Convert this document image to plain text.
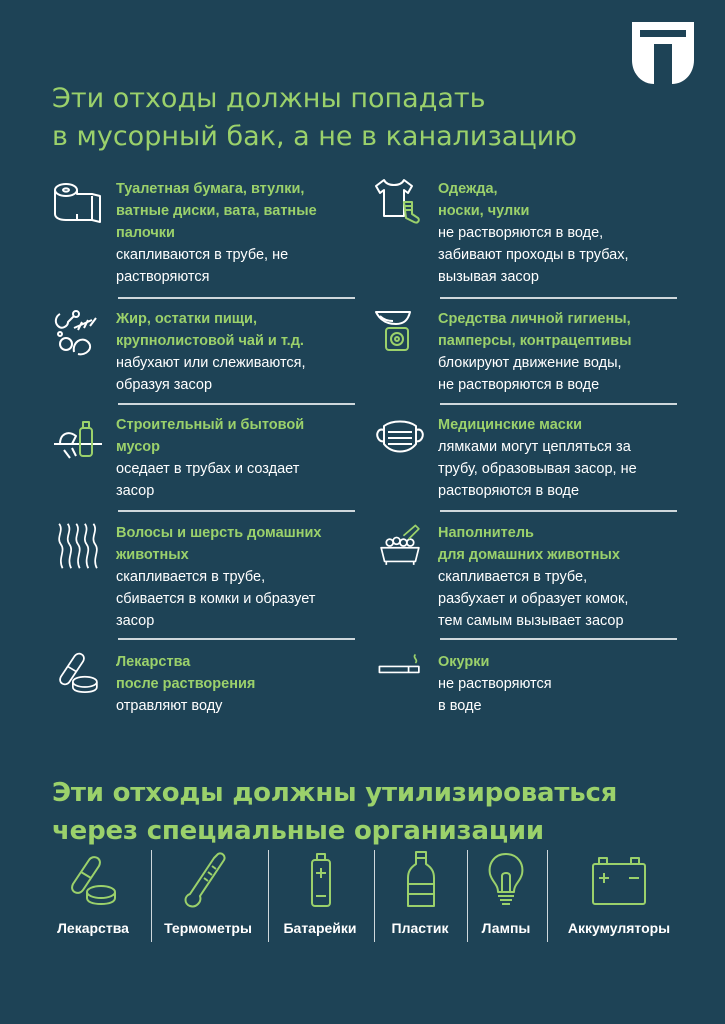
Эти отходы должны попадать
в мусорный бак, а не в канализацию
Туалетная бумага, втулки,
ватные диски, вата, ватные
палочки
скапливаются в трубе, не
растворяются
Одежда,
носки, чулки
не растворяются в воде,
забивают проходы в трубах,
вызывая засор
Жир, остатки пищи,
крупнолистовой чай и т.д.
набухают или слеживаются,
образуя засор
Средства личной гигиены,
памперсы, контрацептивы
блокируют движение воды,
не растворяются в воде
Строительный и бытовой
мусор
оседает в трубах и создает
засор
Медицинские маски
лямками могут цепляться за
трубу, образовывая засор, не
растворяются в воде
Волосы и шерсть домашних
животных
скапливается в трубе,
сбивается в комки и образует
засор
Наполнитель
для домашних животных
скапливается в трубе,
разбухает и образует комок,
тем самым вызывает засор
Лекарства
после растворения
отравляют воду
Окурки
не растворяются
в воде
Эти отходы должны утилизироваться
через специальные организации
Лекарства	Термометры	Батарейки	Пластик	Лампы	Аккумуляторы
